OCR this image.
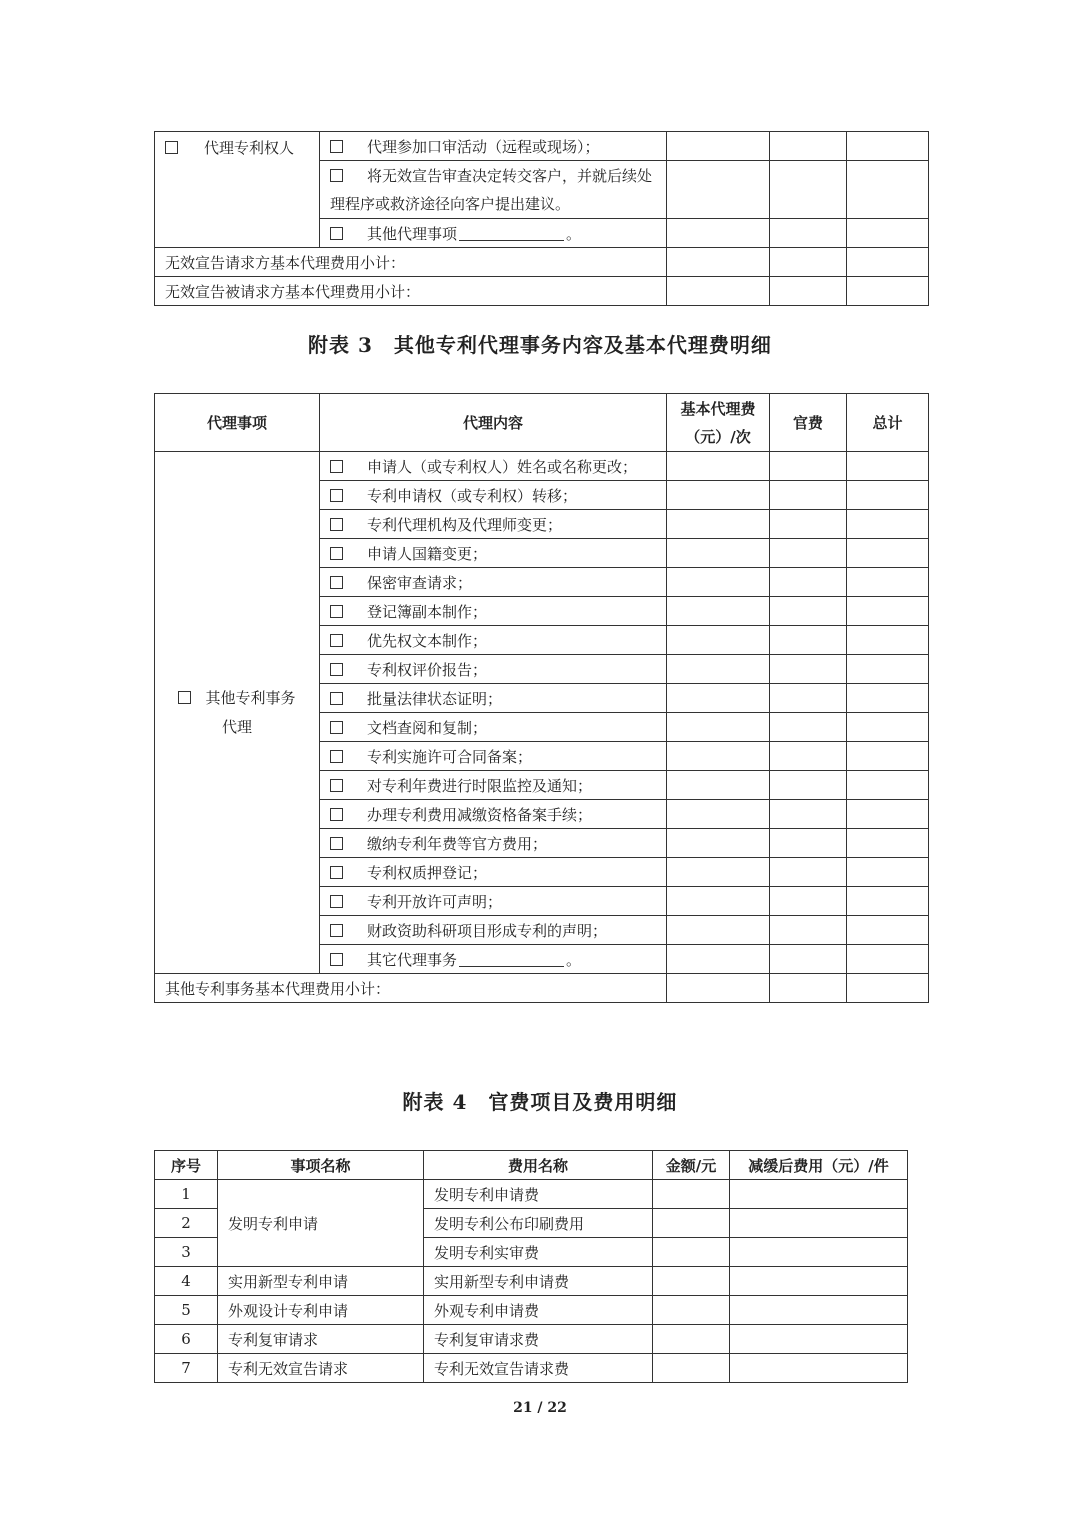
代理专利权人	代理参加口审活动（远程或现场）；			
	将无效宣告审查决定转交客户，并就后续处理程序或救济途径向客户提出建议。			
	其他代理事项 。			

无效宣告请求方基本代理费用小计：				
无效宣告被请求方基本代理费用小计：				
附表 3　其他专利代理事务内容及基本代理费明细
代理事项	代理内容	基本代理费（元）/次	官费	总计
其他专利事务
代理	申请人（或专利权人）姓名或名称更改；			
	专利申请权（或专利权）转移；			
	专利代理机构及代理师变更；			
	申请人国籍变更；			
	保密审查请求；			
	登记簿副本制作；			
	优先权文本制作；			
	专利权评价报告；			
	批量法律状态证明；			
	文档查阅和复制；			
	专利实施许可合同备案；			
	对专利年费进行时限监控及通知；			
	办理专利费用减缴资格备案手续；			
	缴纳专利年费等官方费用；			
	专利权质押登记；			
	专利开放许可声明；			
	财政资助科研项目形成专利的声明；			
	其它代理事务 。			
其他专利事务基本代理费用小计：				
附表 4　官费项目及费用明细
序号	事项名称	费用名称	金额/元	减缓后费用（元）/件
1	发明专利申请	发明专利申请费		
2		发明专利公布印刷费用		
3		发明专利实审费		
4	实用新型专利申请	实用新型专利申请费		
5	外观设计专利申请	外观专利申请费		
6	专利复审请求	专利复审请求费		
7	专利无效宣告请求	专利无效宣告请求费		
21 / 22
